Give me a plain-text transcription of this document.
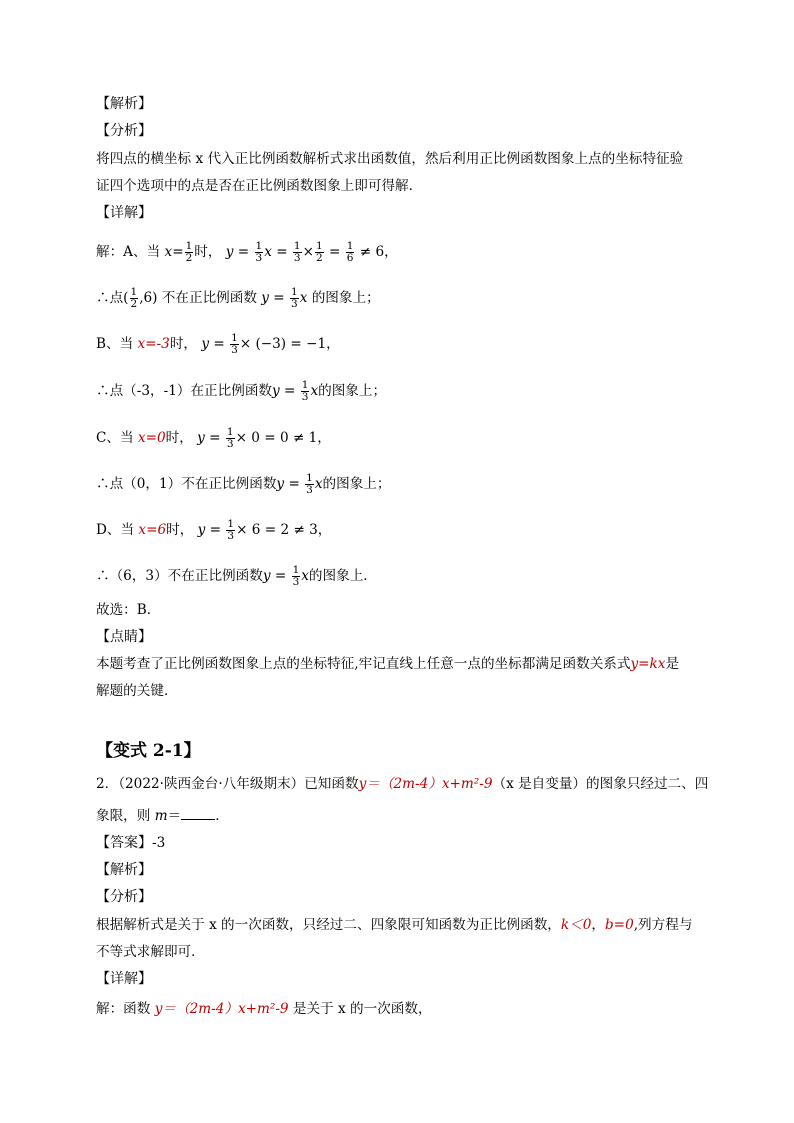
【解析】
【分析】
将四点的横坐标 x 代入正比例函数解析式求出函数值，然后利用正比例函数图象上点的坐标特征验
证四个选项中的点是否在正比例函数图象上即可得解．
【详解】
解：A、当 $x= \frac{1}{2}$ 时， $y = \frac{1}{3}$ $x = \frac{1}{3} \times \frac{1}{2} = \frac{1}{6} \ne 6$，
∴点( $\frac{1}{2} ,6$) 不在正比例函数 $y = \frac{1}{3}$ x 的图象上；
B、当 x=-3时， $y = \frac{1}{3} \times (-3) = -1$，
∴点（-3，-1）在正比例函数$y = \frac{1}{3}$ x的图象上；
C、当 x=0时， $y = \frac{1}{3} \times 0 = 0 \ne 1$，
∴点（0，1）不在正比例函数$y = \frac{1}{3}$ x的图象上；
D、当 x=6时， $y = \frac{1}{3} \times 6 = 2 \ne 3$，
∴（6，3）不在正比例函数$y = \frac{1}{3}$ x的图象上．
故选：B．
【点睛】
本题考查了正比例函数图象上点的坐标特征,牢记直线上任意一点的坐标都满足函数关系式y=kx是
解题的关键．
【变式 2-1】
2．（2022·陕西金台·八年级期末）已知函数y＝（2m-4）x+m²-9（x 是自变量）的图象只经过二、四
象限，则 m＝	．
【答案】-3
【解析】
【分析】
根据解析式是关于 x 的一次函数，只经过二、四象限可知函数为正比例函数，k＜0，b=0,列方程与
不等式求解即可．
【详解】
解：函数 y＝（2m-4）x+m²-9 是关于 x 的一次函数，
